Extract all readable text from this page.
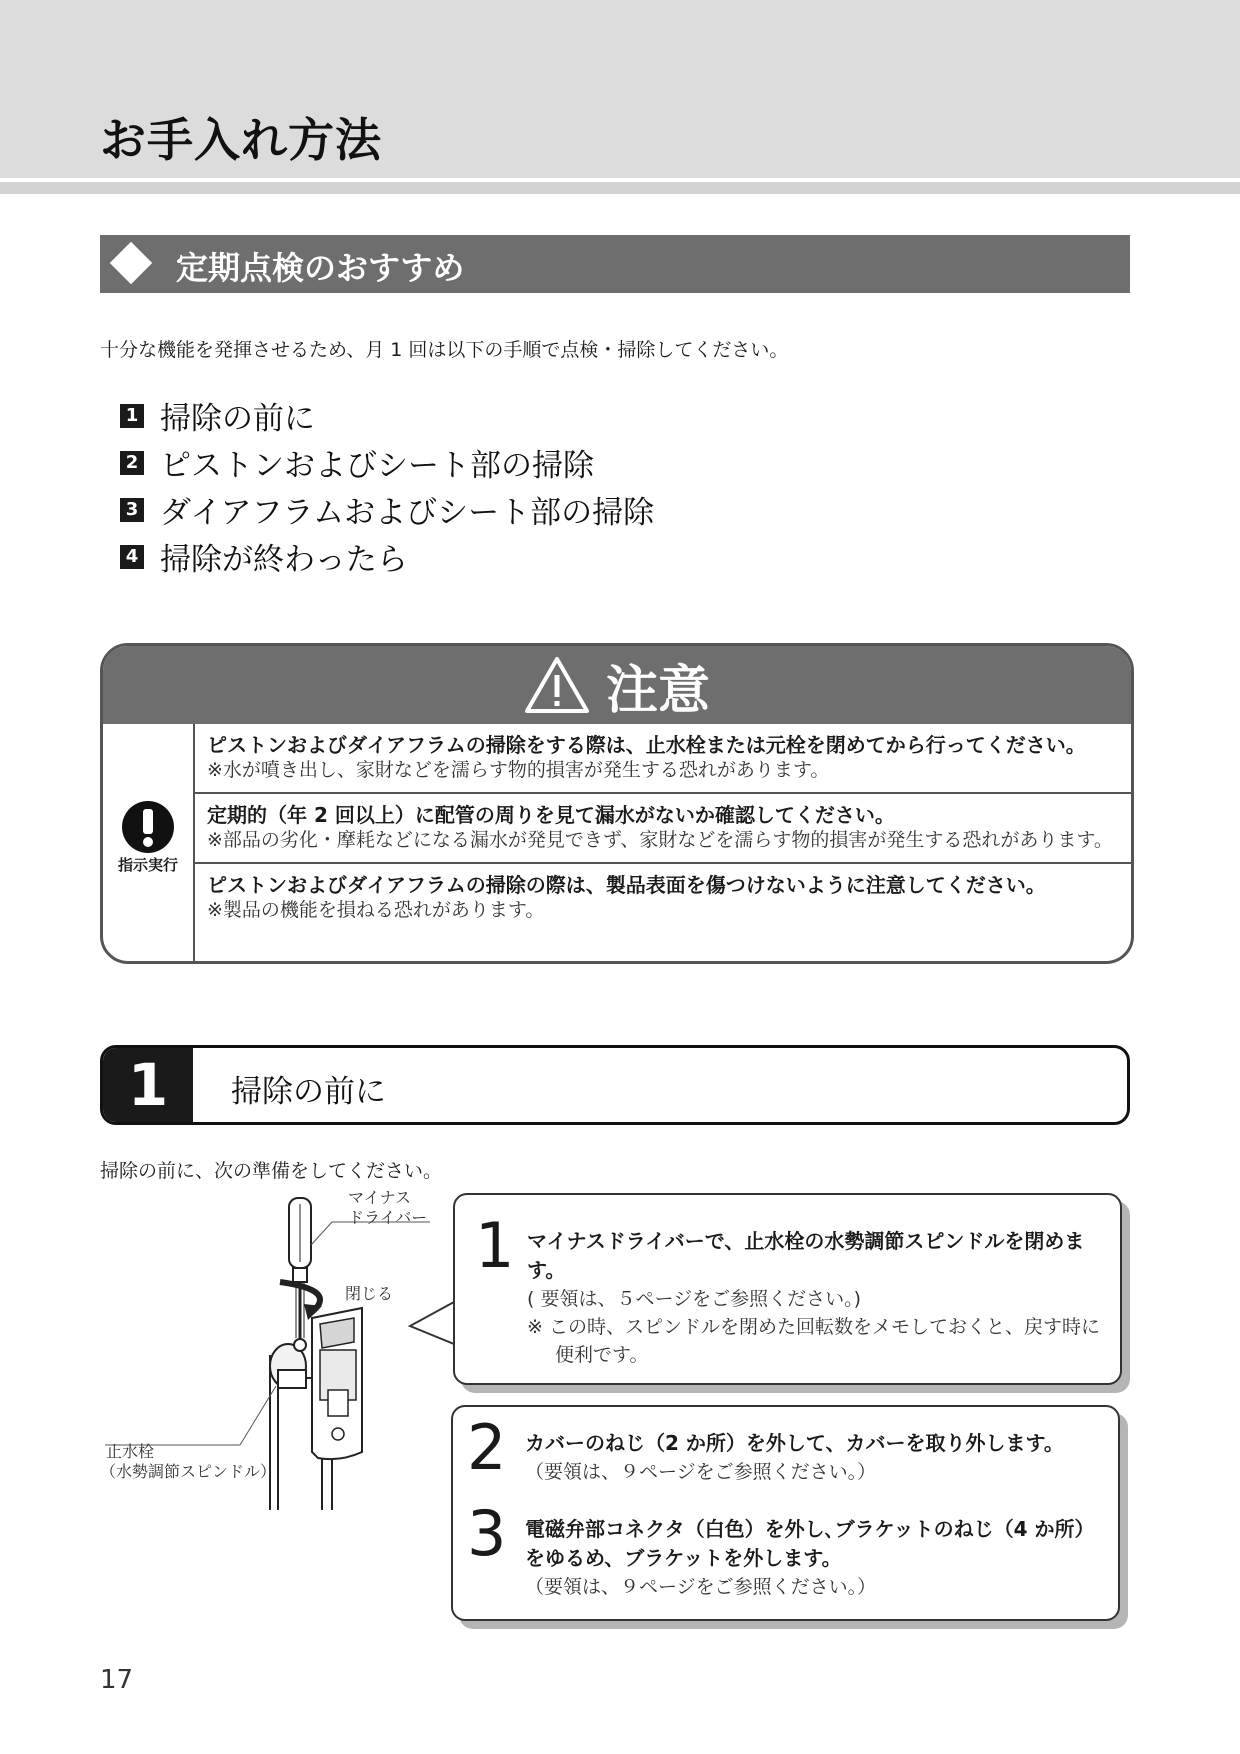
お手入れ方法
定期点検のおすすめ
十分な機能を発揮させるため、月 1 回は以下の手順で点検・掃除してください。
1 掃除の前に
2 ピストンおよびシート部の掃除
3 ダイアフラムおよびシート部の掃除
4 掃除が終わったら
注意
指示実行
ピストンおよびダイアフラムの掃除をする際は、止水栓または元栓を閉めてから行ってください。
※水が噴き出し、家財などを濡らす物的損害が発生する恐れがあります。
定期的（年 2 回以上）に配管の周りを見て漏水がないか確認してください。
※部品の劣化・摩耗などになる漏水が発見できず、家財などを濡らす物的損害が発生する恐れがあります。
ピストンおよびダイアフラムの掃除の際は、製品表面を傷つけないように注意してください。
※製品の機能を損ねる恐れがあります。
1	掃除の前に
掃除の前に、次の準備をしてください。
マイナス
ドライバー
閉じる
止水栓
（水勢調節スピンドル）
1 マイナスドライバーで、止水栓の水勢調節スピンドルを閉めます。
( 要領は、５ページをご参照ください。)
※ この時、スピンドルを閉めた回転数をメモしておくと、戻す時に便利です。
2 カバーのねじ（2 か所）を外して、カバーを取り外します。
（要領は、９ページをご参照ください。）
3 電磁弁部コネクタ（白色）を外し､ブラケットのねじ（4 か所）をゆるめ、ブラケットを外します。
（要領は、９ページをご参照ください。）
17
